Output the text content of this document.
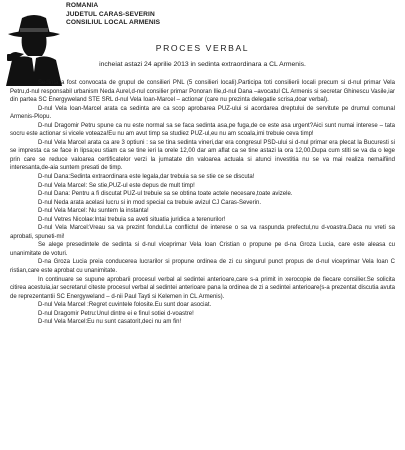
ROMANIA
JUDETUL CARAS-SEVERIN
CONSILIUL LOCAL ARMENIS
PROCES VERBAL
incheiat astazi 24 aprilie 2013 in sedinta extraordinara a CL Armenis.

Sedinta a fost convocata de grupul de consilieri PNL (5 consilieri locali).Participa toti consilierii locali precum si d-nul primar Vela Petru,d-nul responsabil urbanism Neda Aurel,d-nul consilier primar Ponoran Ilie,d-nul Dana –avocatul CL Armenis si secretar Ghinescu Vasile,iar din partea SC Energyweland STE SRL d-nul Vela Ioan-Marcel – actionar (care nu prezinta delegatie scrisa,doar verbal).

D-nul Vela Ioan-Marcel arata ca sedinta are ca scop aprobarea PUZ-ului si acordarea dreptului de servitute pe drumul comunal Armenis-Plopu.

D-nul Dragomir Petru spune ca nu este normal sa se faca sedinta asa,pe fuga,de ce este asa urgent?Aici sunt numai interese – tata socru este actionar si vicele voteaza!Eu nu am avut timp sa studiez PUZ-ul,eu nu am scoala,imi trebuie ceva timp!

D-nul Vela Marcel arata ca are 3 optiuni : sa se tina sedinta vineri,dar era congresul PSD-ului si d-nul primar era plecat la Bucuresti si se impresta ca se face in lipsa;eu stiam ca se tine ieri la orele 12,00 dar am aflat ca se tine astazi la ora 12,00.Dupa cum stiti se va da o lege prin care se reduce valoarea certificatelor verzi la jumatate din valoarea actuala si atunci investitia nu se va mai realiza nemaifiind interesanta,de-aia suntem presati de timp.

D-nul Dana:Sedinta extraordinara este legala,dar trebuia sa se stie ce se discuta!

D-nul Vela Marcel: Se stie,PUZ-ul este depus de mult timp!

D-nul Dana: Pentru a fi discutat PUZ-ul trebuie sa se obtina toate actele necesare,toate avizele.

D-nul Neda arata acelasi lucru si in mod special ca trebuie avizul CJ Caras-Severin.

D-nul Vela Marcel: Nu suntem la instanta!

D-nul Vetres Nicolae:Intai trebuia sa aveti situatia juridica a terenurilor!

D-nul Vela Marcel:Vreau sa va prezint fondul.La conflictul de interese o sa va raspunda prefectul,nu d-voastra.Daca nu vreti sa aprobati, spuneti-mi!

Se alege presedintele de sedinta si d-nul viceprimar Vela Ioan Cristian o propune pe d-na Groza Lucia, care este aleasa cu unanimitate de voturi.

D-na Groza Lucia preia conducerea lucrarilor si propune ordinea de zi cu singurul punct propus de d-nul viceprimar Vela Ioan C ristian,care este aprobat cu unanimitate.

In continuare se supune aprobarii procesul verbal al sedintei anterioare,care s-a primit in xerocopie de fiecare consilier.Se solicita citirea acestuia,iar secretarul citeste procesul verbal al sedintei anterioare pana la ordinea de zi a sedintei anterioare(s-a prezentat discutia avuta de reprezentantii SC Energyweland – d-nii Paul Tayti si Kelemen in CL Armenis).

D-nul Vela Marcel :Regret cuvintele folosite.Eu sunt doar asociat.

D-nul Dragomir Petru:Unul dintre ei e finul sotiei d-voastre!

D-nul Vela Marcel:Eu nu sunt casatorit,deci nu am fin!
